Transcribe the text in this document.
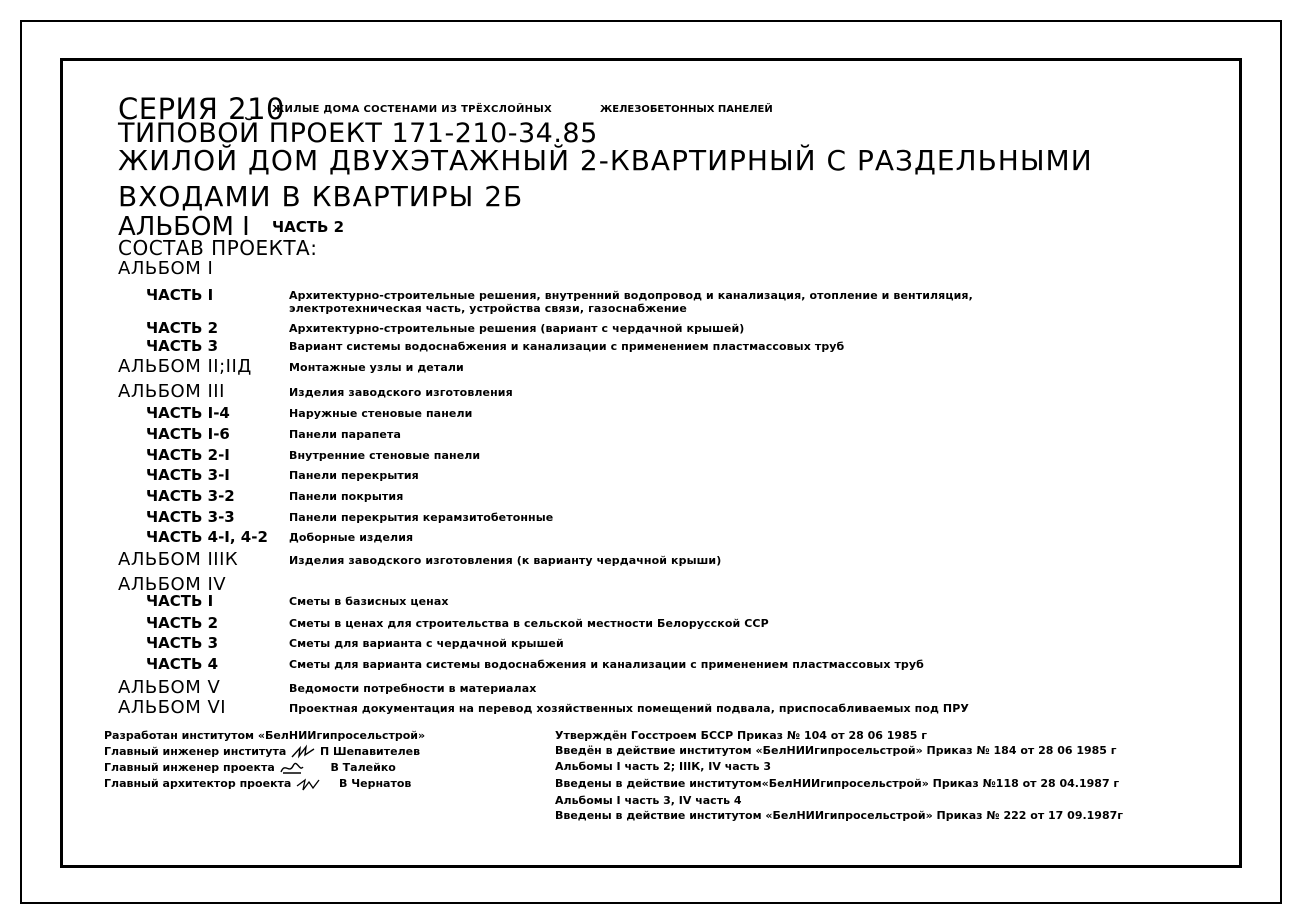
СЕРИЯ 210
ЖИЛЫЕ ДОМА СОСТЕНАМИ ИЗ ТРЁХСЛОЙНЫХ	ЖЕЛЕЗОБЕТОННЫХ ПАНЕЛЕЙ
ТИПОВОЙ ПРОЕКТ 171-210-34.85
ЖИЛОЙ ДОМ ДВУХЭТАЖНЫЙ 2-КВАРТИРНЫЙ С РАЗДЕЛЬНЫМИ
ВХОДАМИ В КВАРТИРЫ 2Б
АЛЬБОМ I ЧАСТЬ 2
СОСТАВ ПРОЕКТА:
АЛЬБОМ I
ЧАСТЬ I	Архитектурно-строительные решения, внутренний водопровод и канализация, отопление и вентиляция,
электротехническая часть, устройства связи, газоснабжение
ЧАСТЬ 2	Архитектурно-строительные решения (вариант с чердачной крышей)
ЧАСТЬ 3	Вариант системы водоснабжения и канализации с применением пластмассовых труб
АЛЬБОМ II;IIД	Монтажные узлы и детали
АЛЬБОМ III	Изделия заводского изготовления
ЧАСТЬ I-4	Наружные стеновые панели
ЧАСТЬ I-6	Панели парапета
ЧАСТЬ 2-I	Внутренние стеновые панели
ЧАСТЬ 3-I	Панели перекрытия
ЧАСТЬ 3-2	Панели покрытия
ЧАСТЬ 3-3	Панели перекрытия керамзитобетонные
ЧАСТЬ 4-I, 4-2 Доборные изделия
АЛЬБОМ IIIК	Изделия заводского изготовления (к варианту чердачной крыши)
АЛЬБОМ IV
ЧАСТЬ I	Сметы в базисных ценах
ЧАСТЬ 2	Сметы в ценах для строительства в сельской местности Белорусской ССР
ЧАСТЬ 3	Сметы для варианта с чердачной крышей
ЧАСТЬ 4	Сметы для варианта системы водоснабжения и канализации с применением пластмассовых труб
АЛЬБОМ V	Ведомости потребности в материалах
АЛЬБОМ VI	Проектная документация на перевод хозяйственных помещений подвала, приспосабливаемых под ПРУ
Разработан институтом «БелНИИгипросельстрой»
Главный инженер института	П Шепавителев
Главный инженер проекта	В Талейко
Главный архитектор проекта	В Чернатов
Утверждён Госстроем БССР Приказ № 104 от 28 06 1985 г
Введён в действие институтом «БелНИИгипросельстрой» Приказ № 184 от 28 06 1985 г
Альбомы I часть 2; IIIК, IV часть 3
Введены в действие институтом«БелНИИгипросельстрой» Приказ №118 от 28 04.1987 г
Альбомы I часть 3, IV часть 4
Введены в действие институтом «БелНИИгипросельстрой» Приказ № 222 от 17 09.1987г
